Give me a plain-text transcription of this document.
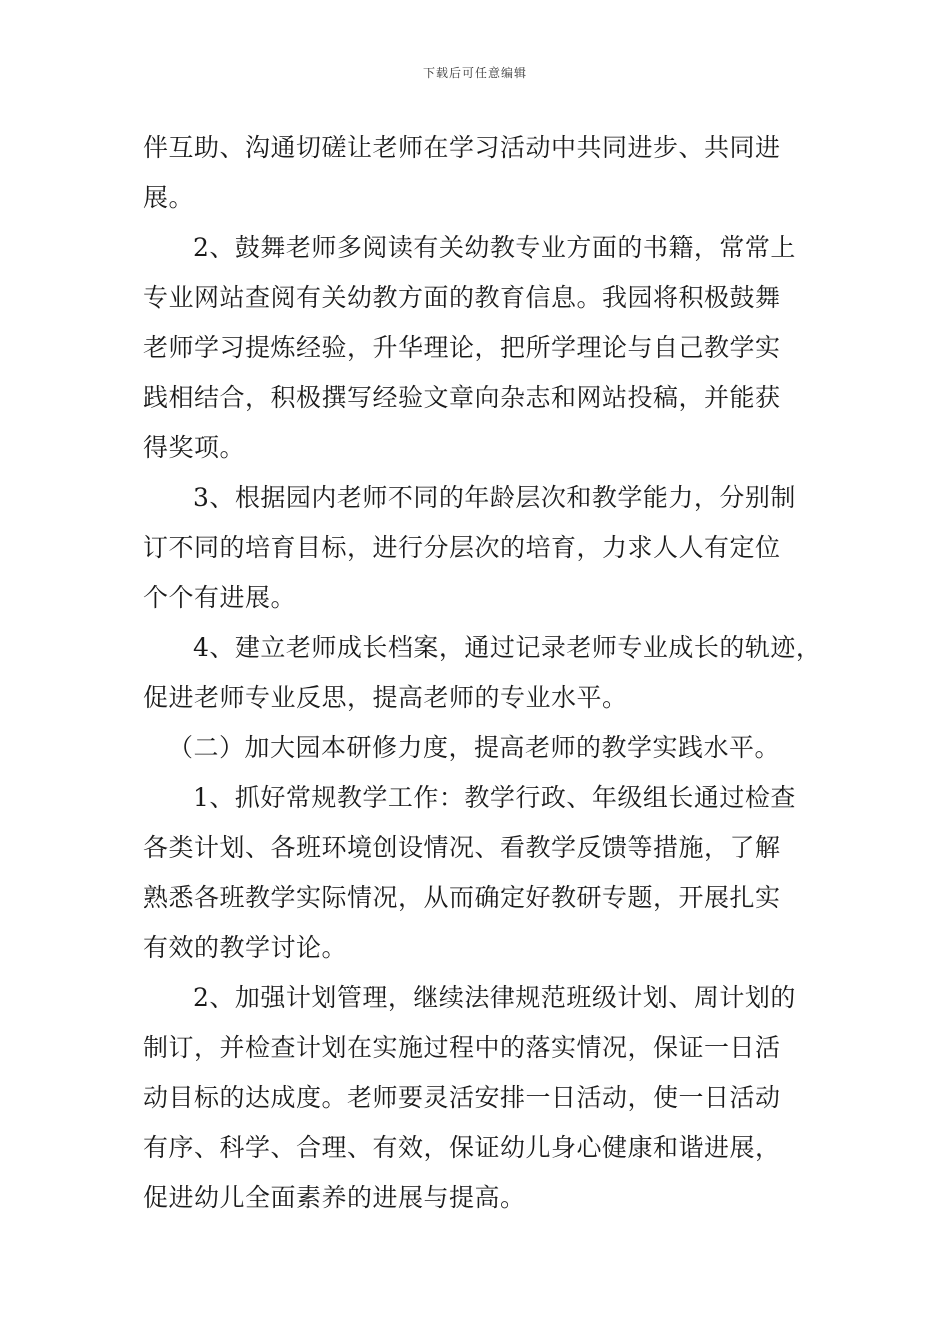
下载后可任意编辑
伴互助、沟通切磋让老师在学习活动中共同进步、共同进
展。
2、鼓舞老师多阅读有关幼教专业方面的书籍，常常上
专业网站查阅有关幼教方面的教育信息。我园将积极鼓舞
老师学习提炼经验，升华理论，把所学理论与自己教学实
践相结合，积极撰写经验文章向杂志和网站投稿，并能获
得奖项。
3、根据园内老师不同的年龄层次和教学能力，分别制
订不同的培育目标，进行分层次的培育，力求人人有定位
个个有进展。
4、建立老师成长档案，通过记录老师专业成长的轨迹，
促进老师专业反思，提高老师的专业水平。
（二）加大园本研修力度，提高老师的教学实践水平。
1、抓好常规教学工作：教学行政、年级组长通过检查
各类计划、各班环境创设情况、看教学反馈等措施，了解
熟悉各班教学实际情况，从而确定好教研专题，开展扎实
有效的教学讨论。
2、加强计划管理，继续法律规范班级计划、周计划的
制订，并检查计划在实施过程中的落实情况，保证一日活
动目标的达成度。老师要灵活安排一日活动，使一日活动
有序、科学、合理、有效，保证幼儿身心健康和谐进展，
促进幼儿全面素养的进展与提高。
